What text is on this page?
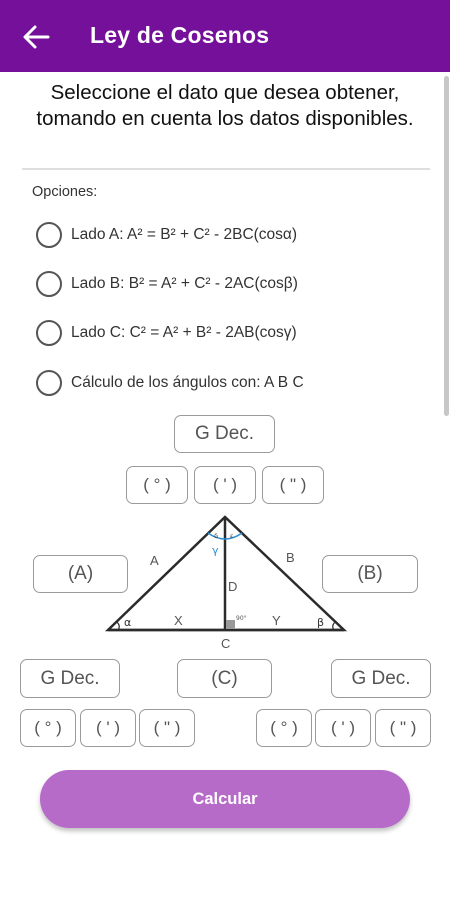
Ley de Cosenos
Seleccione el dato que desea obtener, tomando en cuenta los datos disponibles.
Opciones:
Lado A: A² = B² + C² - 2BC(cosα)
Lado B: B² = A² + C² - 2AC(cosβ)
Lado C: C² = A² + B² - 2AB(cosγ)
Cálculo de los ángulos con: A B C
G Dec.
( ° )	( ' )	( " )
(A)	(B)
A	B
C
D
X	Y
α	β
γ
δ ε
90°
G Dec.	(C)	G Dec.
( ° )	( ' )	( " )	( ° )	( ' )	( " )
Calcular
